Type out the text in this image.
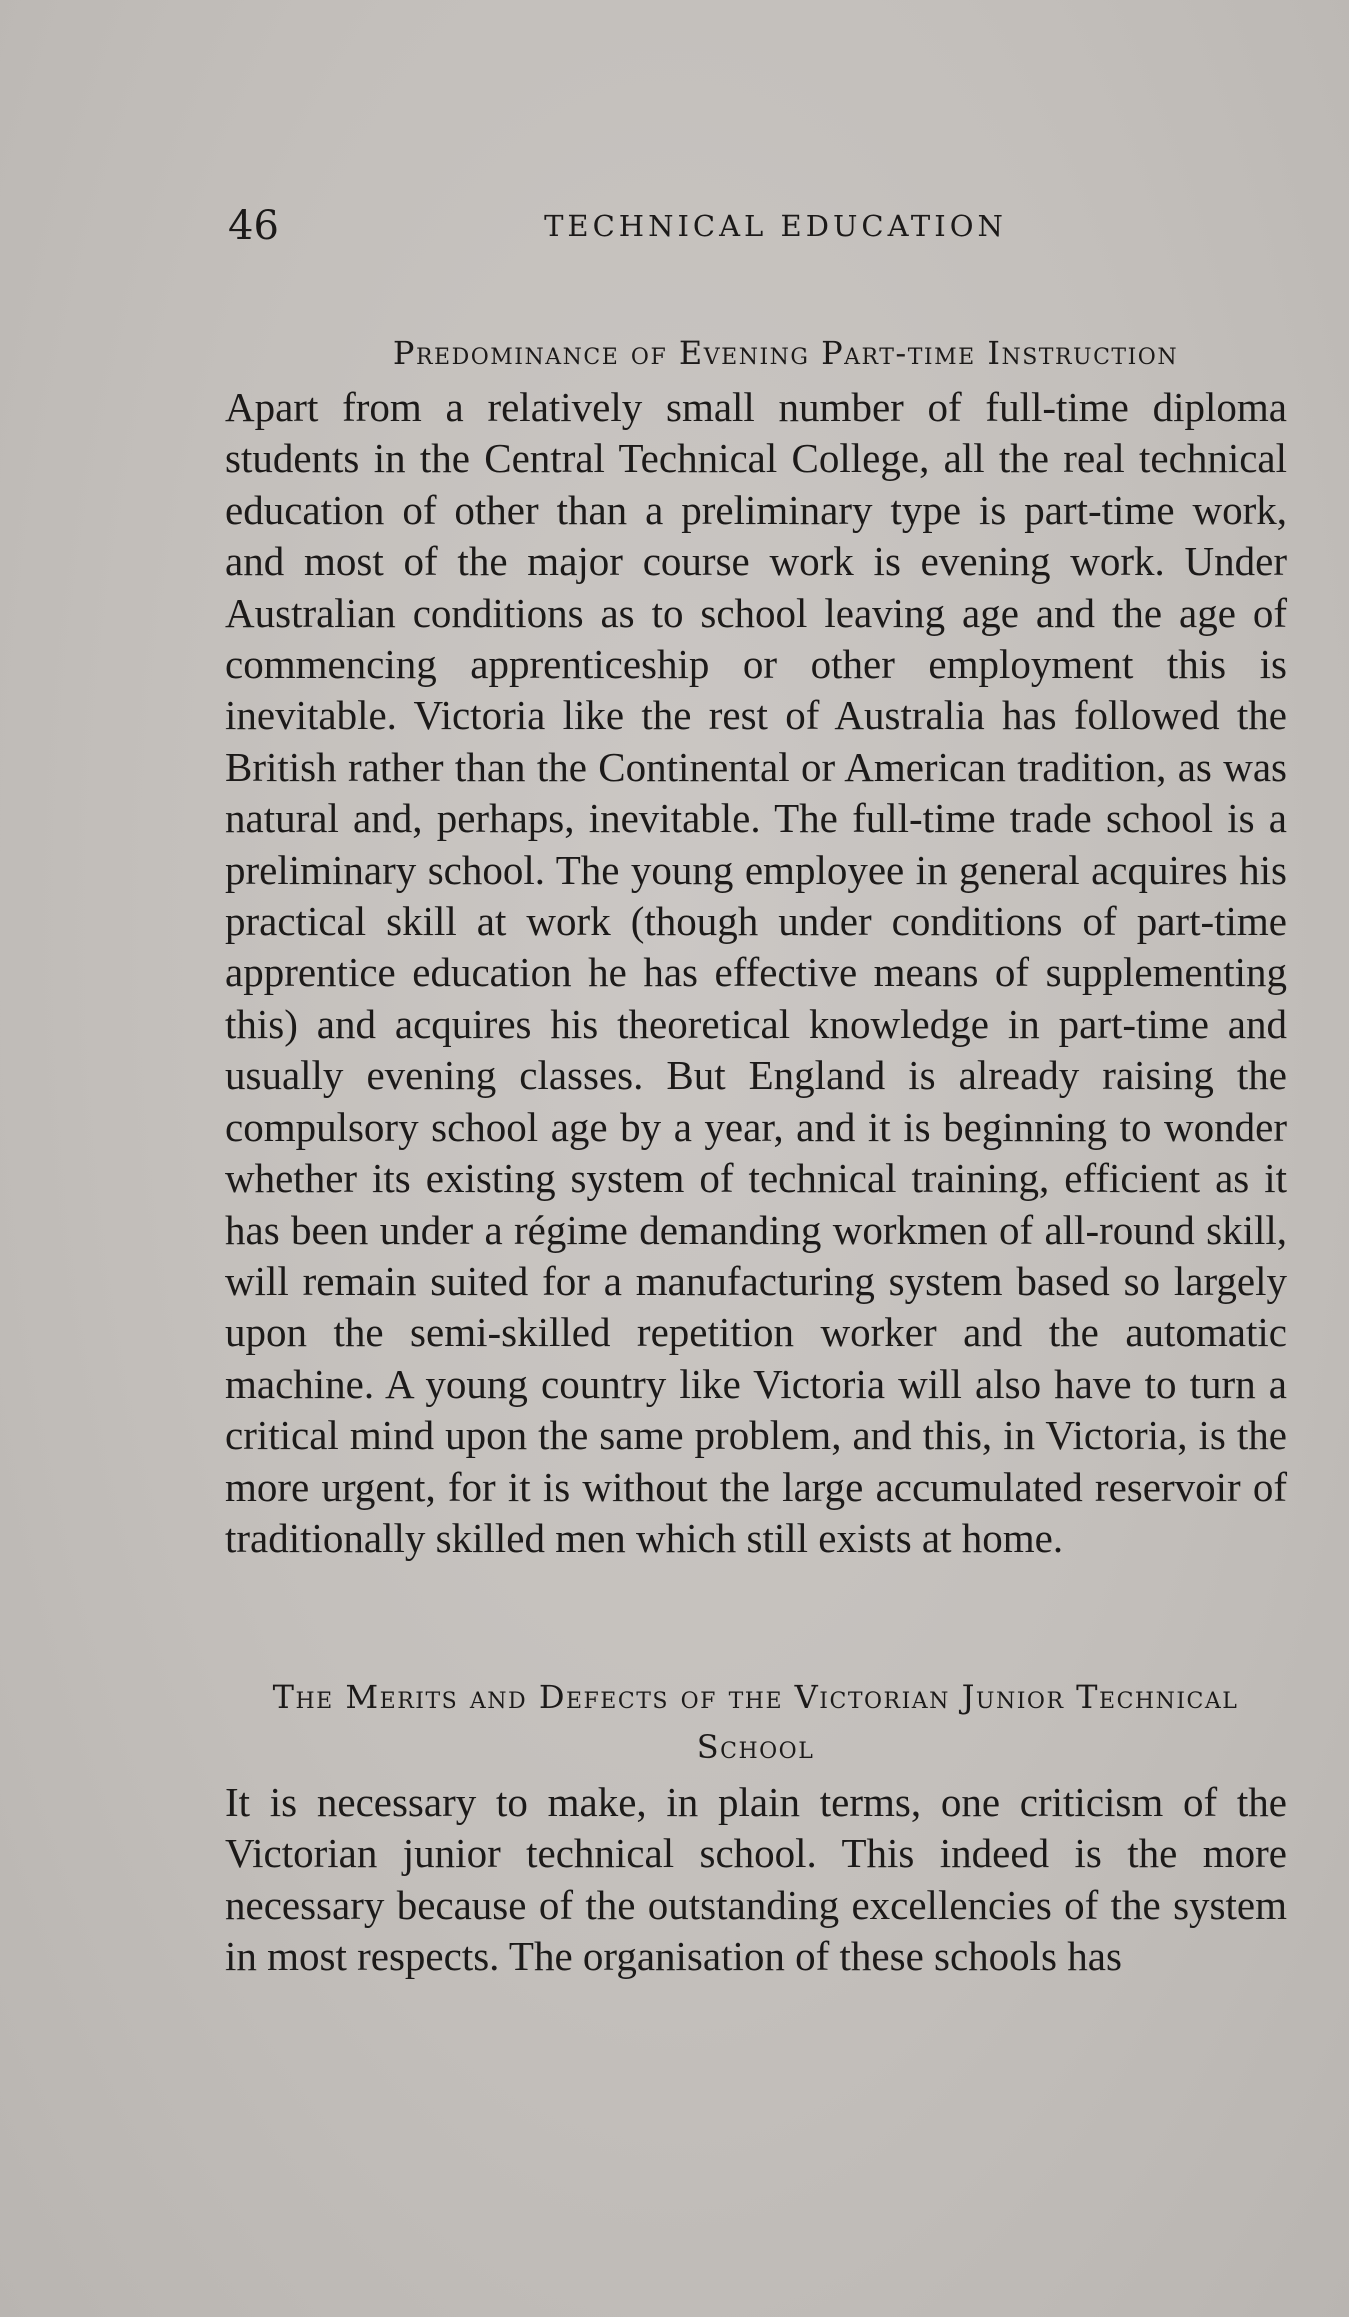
46	TECHNICAL EDUCATION
Predominance of Evening Part-time Instruction

Apart from a relatively small number of full-time diploma students in the Central Technical College, all the real technical education of other than a preliminary type is part-time work, and most of the major course work is evening work. Under Australian conditions as to school leaving age and the age of commencing apprenticeship or other employment this is inevitable. Victoria like the rest of Australia has followed the British rather than the Continental or American tradition, as was natural and, perhaps, inevitable. The full-time trade school is a preliminary school. The young employee in general acquires his practical skill at work (though under conditions of part-time apprentice education he has effective means of supplementing this) and acquires his theoretical knowledge in part-time and usually evening classes. But England is already raising the compulsory school age by a year, and it is beginning to wonder whether its existing system of technical training, efficient as it has been under a régime demanding workmen of all-round skill, will remain suited for a manufacturing system based so largely upon the semi-skilled repetition worker and the automatic machine. A young country like Victoria will also have to turn a critical mind upon the same problem, and this, in Victoria, is the more urgent, for it is without the large accumulated reservoir of traditionally skilled men which still exists at home.

The Merits and Defects of the Victorian Junior Technical School

It is necessary to make, in plain terms, one criticism of the Victorian junior technical school. This indeed is the more necessary because of the outstanding excellencies of the system in most respects. The organisation of these schools has
